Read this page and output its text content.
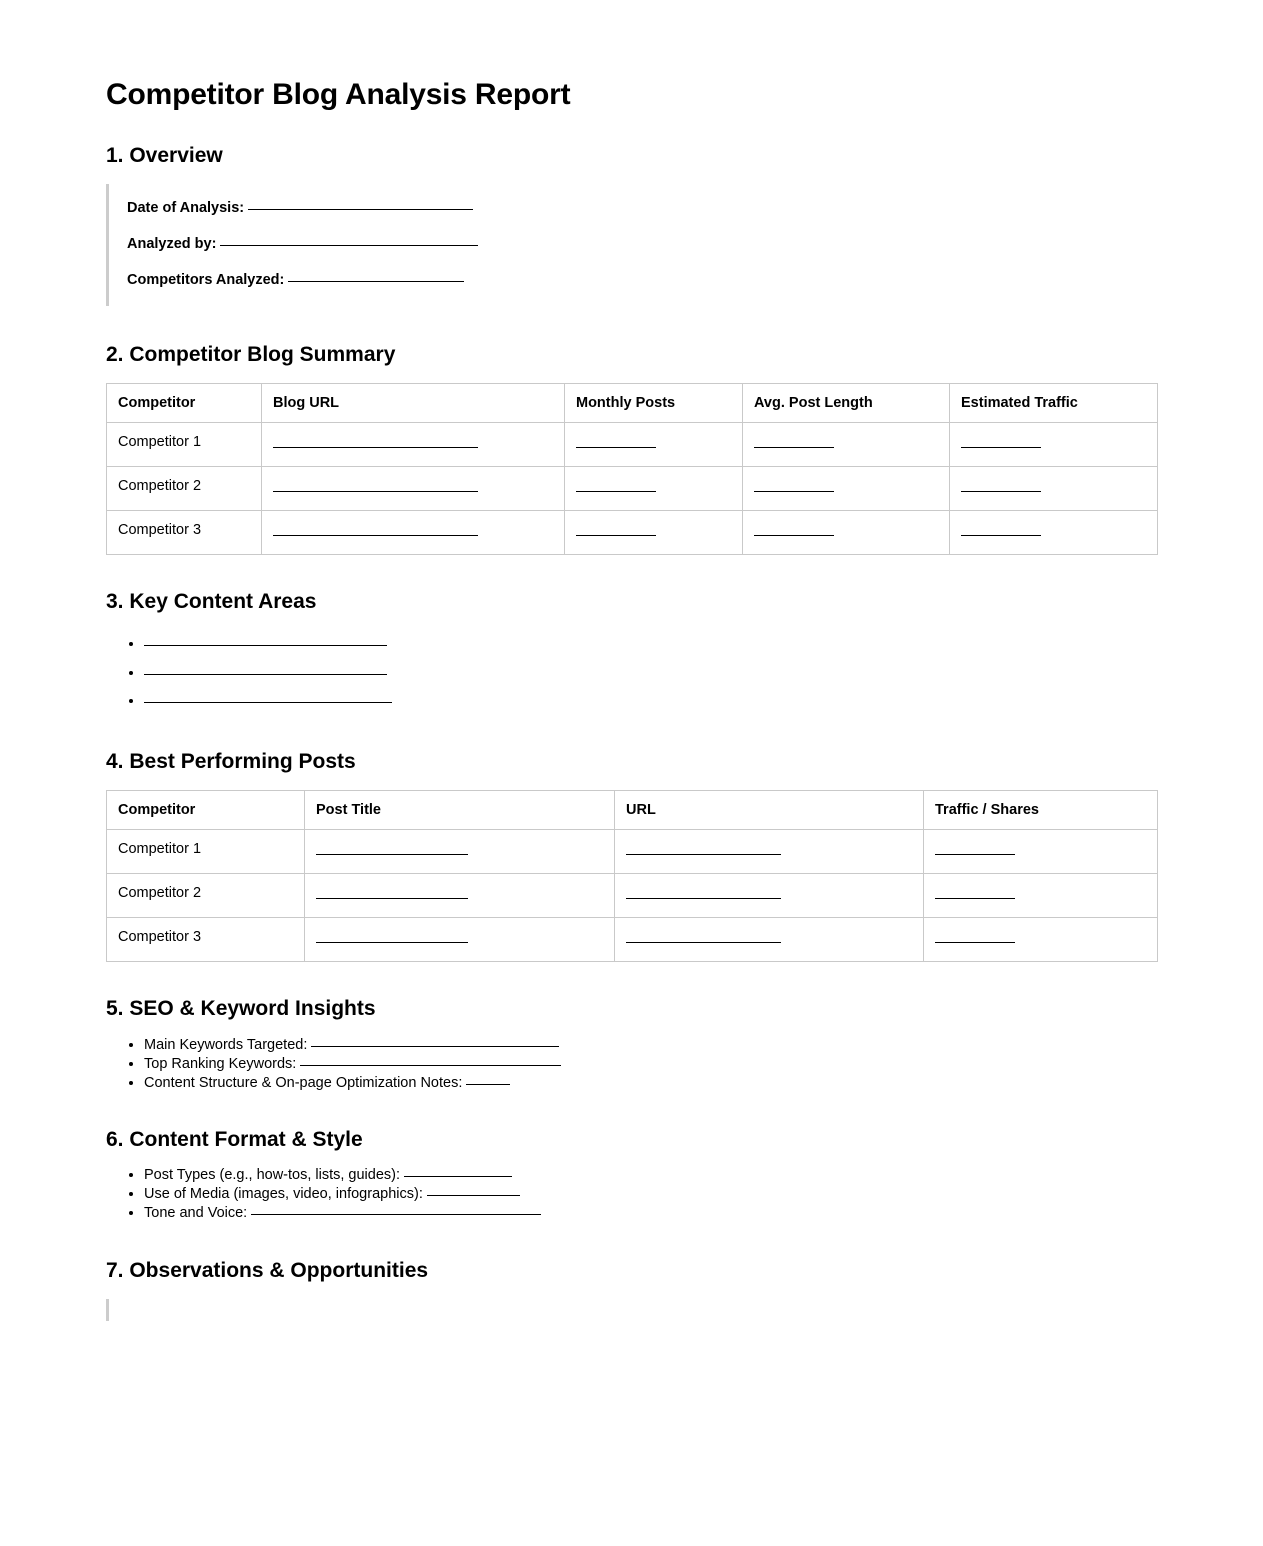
Competitor Blog Analysis Report
1. Overview
Date of Analysis:
Analyzed by:
Competitors Analyzed:
2. Competitor Blog Summary
Competitor	Blog URL	Monthly Posts	Avg. Post Length	Estimated Traffic
Competitor 1				
Competitor 2				
Competitor 3				
3. Key Content Areas
•
•
•
4. Best Performing Posts
Competitor	Post Title	URL	Traffic / Shares
Competitor 1			
Competitor 2			
Competitor 3			
5. SEO & Keyword Insights
• Main Keywords Targeted:
• Top Ranking Keywords:
• Content Structure & On-page Optimization Notes:
6. Content Format & Style
• Post Types (e.g., how-tos, lists, guides):
• Use of Media (images, video, infographics):
• Tone and Voice:
7. Observations & Opportunities
